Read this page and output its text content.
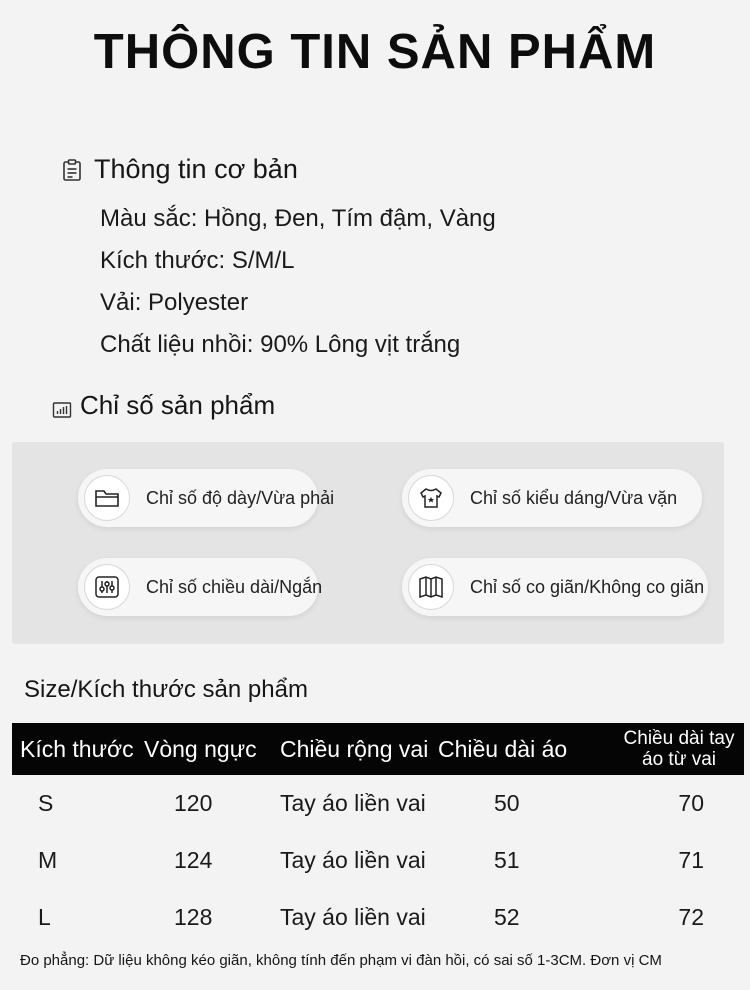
THÔNG TIN SẢN PHẨM
Thông tin cơ bản
Màu sắc: Hồng, Đen, Tím đậm, Vàng
Kích thước: S/M/L
Vải: Polyester
Chất liệu nhồi: 90% Lông vịt trắng
Chỉ số sản phẩm
Chỉ số độ dày/Vừa phải	Chỉ số kiểu dáng/Vừa vặn
Chỉ số chiều dài/Ngắn	Chỉ số co giãn/Không co giãn
Size/Kích thước sản phẩm
Kích thước	Vòng ngực	Chiều rộng vai	Chiều dài áo	Chiều dài tay áo từ vai
S	120	Tay áo liền vai	50	70
M	124	Tay áo liền vai	51	71
L	128	Tay áo liền vai	52	72
Đo phẳng: Dữ liệu không kéo giãn, không tính đến phạm vi đàn hồi, có sai số 1-3CM. Đơn vị CM
